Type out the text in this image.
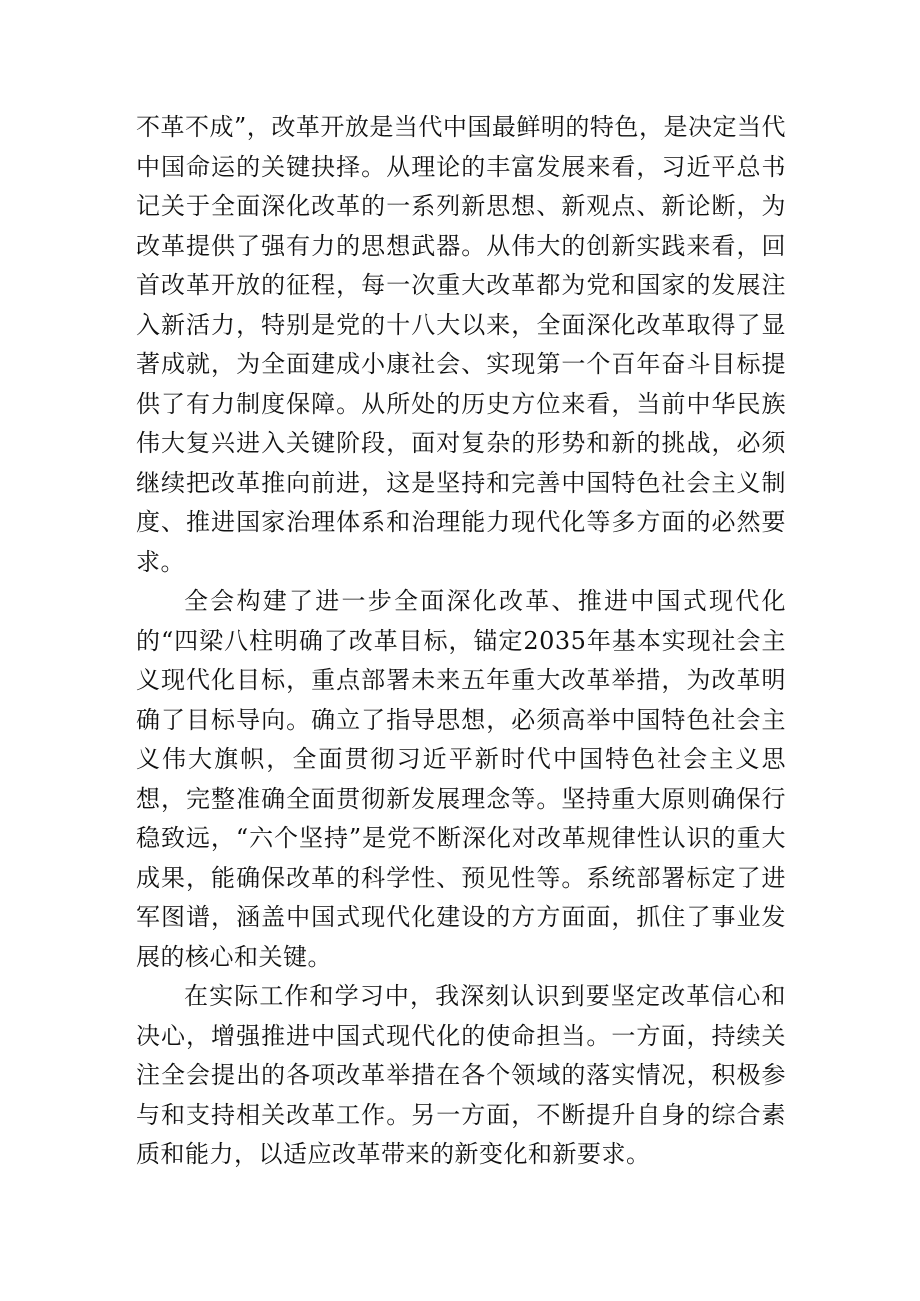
不革不成”，改革开放是当代中国最鲜明的特色，是决定当代中国命运的关键抉择。从理论的丰富发展来看，习近平总书记关于全面深化改革的一系列新思想、新观点、新论断，为改革提供了强有力的思想武器。从伟大的创新实践来看，回首改革开放的征程，每一次重大改革都为党和国家的发展注入新活力，特别是党的十八大以来，全面深化改革取得了显著成就，为全面建成小康社会、实现第一个百年奋斗目标提供了有力制度保障。从所处的历史方位来看，当前中华民族伟大复兴进入关键阶段，面对复杂的形势和新的挑战，必须继续把改革推向前进，这是坚持和完善中国特色社会主义制度、推进国家治理体系和治理能力现代化等多方面的必然要求。

全会构建了进一步全面深化改革、推进中国式现代化的“四梁八柱明确了改革目标，锚定2035年基本实现社会主义现代化目标，重点部署未来五年重大改革举措，为改革明确了目标导向。确立了指导思想，必须高举中国特色社会主义伟大旗帜，全面贯彻习近平新时代中国特色社会主义思想，完整准确全面贯彻新发展理念等。坚持重大原则确保行稳致远，“六个坚持”是党不断深化对改革规律性认识的重大成果，能确保改革的科学性、预见性等。系统部署标定了进军图谱，涵盖中国式现代化建设的方方面面，抓住了事业发展的核心和关键。

在实际工作和学习中，我深刻认识到要坚定改革信心和决心，增强推进中国式现代化的使命担当。一方面，持续关注全会提出的各项改革举措在各个领域的落实情况，积极参与和支持相关改革工作。另一方面，不断提升自身的综合素质和能力，以适应改革带来的新变化和新要求。
